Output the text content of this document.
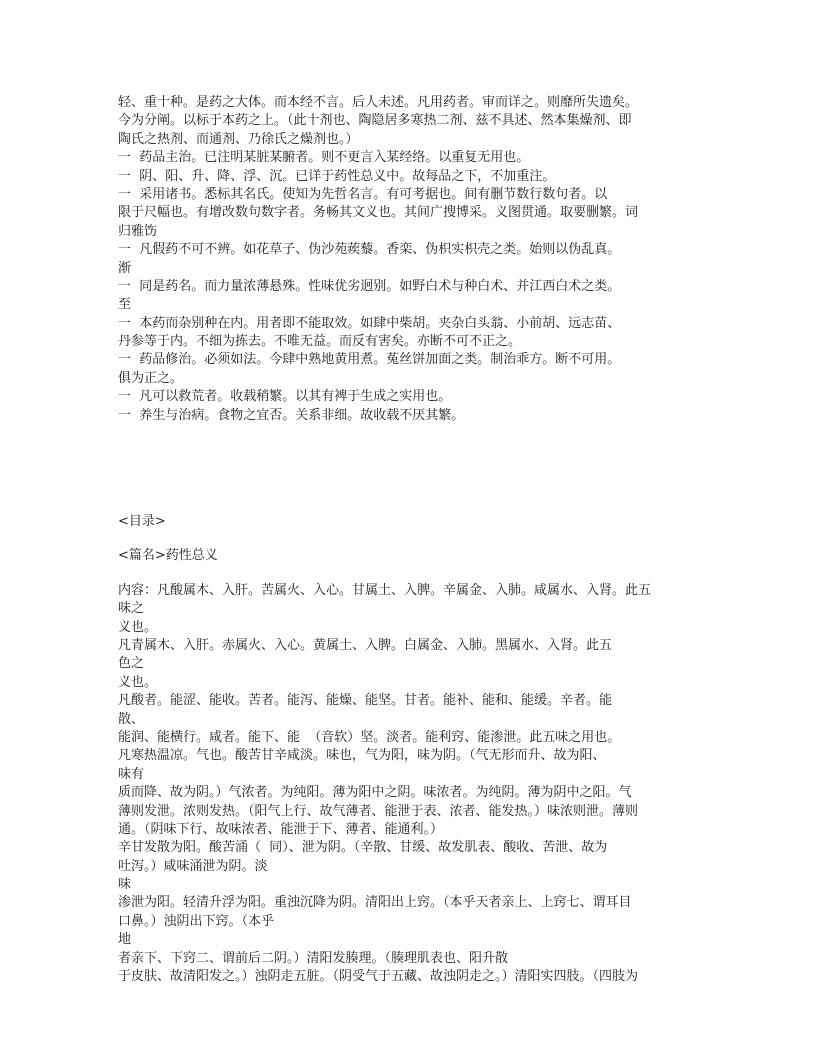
轻、重十种。是药之大体。而本经不言。后人未述。凡用药者。审而详之。则靡所失遗矣。

今为分阐。以标于本药之上。（此十剂也、陶隐居多寒热二剂、兹不具述、然本集燥剂、即

陶氏之热剂、而通剂、乃徐氏之燥剂也。）

一  药品主治。已注明某脏某腑者。则不更言入某经络。以重复无用也。

一  阴、阳、升、降、浮、沉。已详于药性总义中。故每品之下，不加重注。

一  采用诸书。悉标其名氏。使知为先哲名言。有可考据也。间有删节数行数句者。以

限于尺幅也。有增改数句数字者。务畅其文义也。其间广搜博采。义图贯通。取要删繁。词

归雅饬

一  凡假药不可不辨。如花草子、伪沙苑蒺藜。香栾、伪枳实枳壳之类。始则以伪乱真。

渐

一  同是药名。而力量浓薄悬殊。性味优劣迥别。如野白术与种白术、并江西白术之类。

至

一  本药而杂别种在内。用者即不能取效。如肆中柴胡。夹杂白头翁、小前胡、远志苗、

丹参等于内。不细为拣去。不唯无益。而反有害矣。亦断不可不正之。

一  药品修治。必须如法。今肆中熟地黄用煮。菟丝饼加面之类。制治乖方。断不可用。

俱为正之。

一  凡可以救荒者。收载稍繁。以其有裨于生成之实用也。

一  养生与治病。食物之宜否。关系非细。故收载不厌其繁。

<目录>

<篇名>药性总义

内容：凡酸属木、入肝。苦属火、入心。甘属土、入脾。辛属金、入肺。咸属水、入肾。此五

味之

义也。

凡青属木、入肝。赤属火、入心。黄属土、入脾。白属金、入肺。黑属水、入肾。此五

色之

义也。

凡酸者。能涩、能收。苦者。能泻、能燥、能坚。甘者。能补、能和、能缓。辛者。能

散、

能润、能横行。咸者。能下、能  （音软）坚。淡者。能利窍、能渗泄。此五味之用也。

凡寒热温凉。气也。酸苦甘辛咸淡。味也，气为阳，味为阴。（气无形而升、故为阳、

味有

质而降、故为阴。）气浓者。为纯阳。薄为阳中之阴。味浓者。为纯阴。薄为阴中之阳。气

薄则发泄。浓则发热。（阳气上行、故气薄者、能泄于表、浓者、能发热。）味浓则泄。薄则

通。（阴味下行、故味浓者、能泄于下、薄者、能通利。）

辛甘发散为阳。酸苦涌（  同）、泄为阴。（辛散、甘缓、故发肌表、酸收、苦泄、故为

吐泻。）咸味涌泄为阴。淡

味

渗泄为阳。轻清升浮为阳。重浊沉降为阴。清阳出上窍。（本乎天者亲上、上窍七、谓耳目

口鼻。）浊阴出下窍。（本乎

地

者亲下、下窍二、谓前后二阴。）清阳发腠理。（腠理肌表也、阳升散

于皮肤、故清阳发之。）浊阴走五脏。（阴受气于五藏、故浊阴走之。）清阳实四肢。（四肢为
